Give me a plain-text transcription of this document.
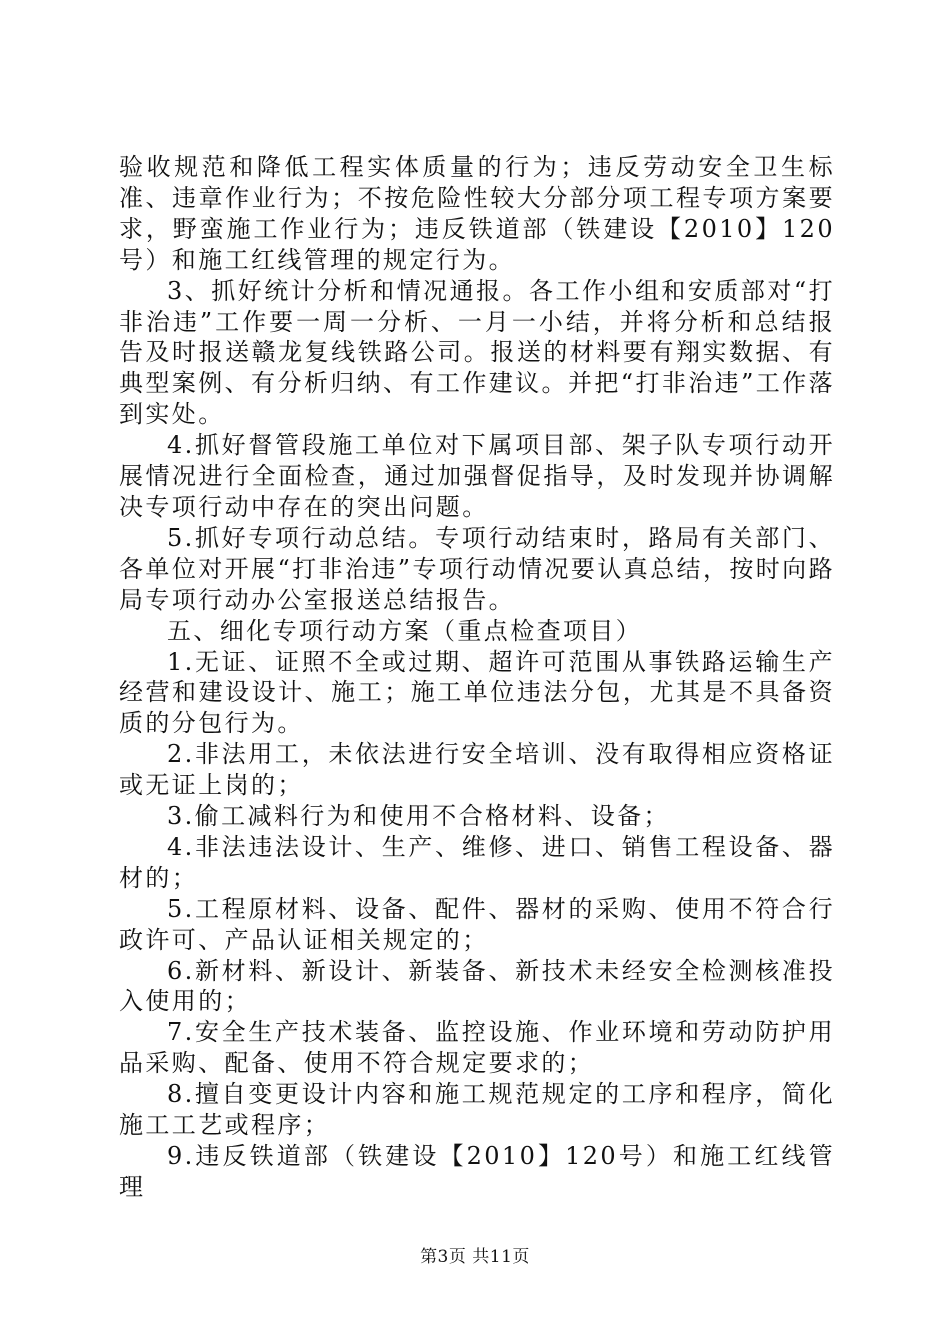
验收规范和降低工程实体质量的行为；违反劳动安全卫生标准、违章作业行为；不按危险性较大分部分项工程专项方案要求，野蛮施工作业行为；违反铁道部（铁建设【2010】120号）和施工红线管理的规定行为。

3、抓好统计分析和情况通报。各工作小组和安质部对“打非治违”工作要一周一分析、一月一小结，并将分析和总结报告及时报送赣龙复线铁路公司。报送的材料要有翔实数据、有典型案例、有分析归纳、有工作建议。并把“打非治违”工作落到实处。

4.抓好督管段施工单位对下属项目部、架子队专项行动开展情况进行全面检查，通过加强督促指导，及时发现并协调解决专项行动中存在的突出问题。

5.抓好专项行动总结。专项行动结束时，路局有关部门、各单位对开展“打非治违”专项行动情况要认真总结，按时向路局专项行动办公室报送总结报告。

五、细化专项行动方案（重点检查项目）

1.无证、证照不全或过期、超许可范围从事铁路运输生产经营和建设设计、施工；施工单位违法分包，尤其是不具备资质的分包行为。

2.非法用工，未依法进行安全培训、没有取得相应资格证或无证上岗的；

3.偷工减料行为和使用不合格材料、设备；

4.非法违法设计、生产、维修、进口、销售工程设备、器材的；

5.工程原材料、设备、配件、器材的采购、使用不符合行政许可、产品认证相关规定的；

6.新材料、新设计、新装备、新技术未经安全检测核准投入使用的；

7.安全生产技术装备、监控设施、作业环境和劳动防护用品采购、配备、使用不符合规定要求的；

8.擅自变更设计内容和施工规范规定的工序和程序，简化施工工艺或程序；

9.违反铁道部（铁建设【2010】120号）和施工红线管理

第3页 共11页
